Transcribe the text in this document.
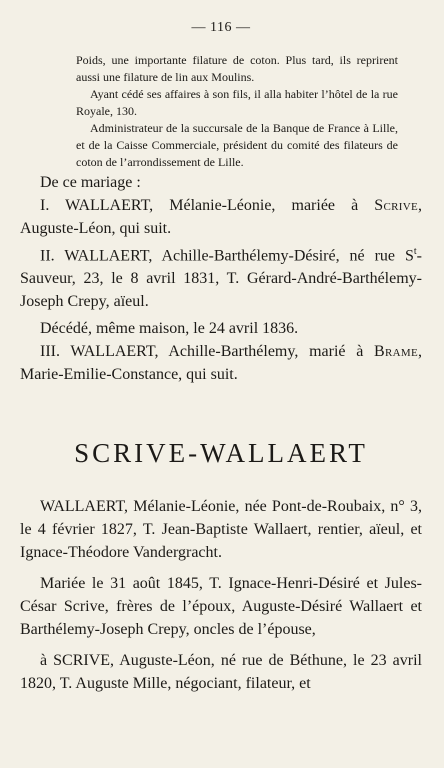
— 116 —

Poids, une importante filature de coton. Plus tard, ils reprirent aussi une filature de lin aux Moulins.

Ayant cédé ses affaires à son fils, il alla habiter l’hôtel de la rue Royale, 130.

Administrateur de la succursale de la Banque de France à Lille, et de la Caisse Commerciale, président du comité des filateurs de coton de l’arrondissement de Lille.

De ce mariage :

I. WALLAERT, Mélanie-Léonie, mariée à Scrive, Auguste-Léon, qui suit.

II. WALLAERT, Achille-Barthélemy-Désiré, né rue $S^t$-Sauveur, 23, le 8 avril 1831, T. Gérard-André-Barthélemy-Joseph Crepy, aïeul.

Décédé, même maison, le 24 avril 1836.

III. WALLAERT, Achille-Barthélemy, marié à Brame, Marie-Emilie-Constance, qui suit.

SCRIVE-WALLAERT

WALLAERT, Mélanie-Léonie, née Pont-de-Roubaix, n° 3, le 4 février 1827, T. Jean-Baptiste Wallaert, rentier, aïeul, et Ignace-Théodore Vandergracht.

Mariée le 31 août 1845, T. Ignace-Henri-Désiré et Jules-César Scrive, frères de l’époux, Auguste-Désiré Wallaert et Barthélemy-Joseph Crepy, oncles de l’épouse,

à SCRIVE, Auguste-Léon, né rue de Béthune, le 23 avril 1820, T. Auguste Mille, négociant, filateur, et
